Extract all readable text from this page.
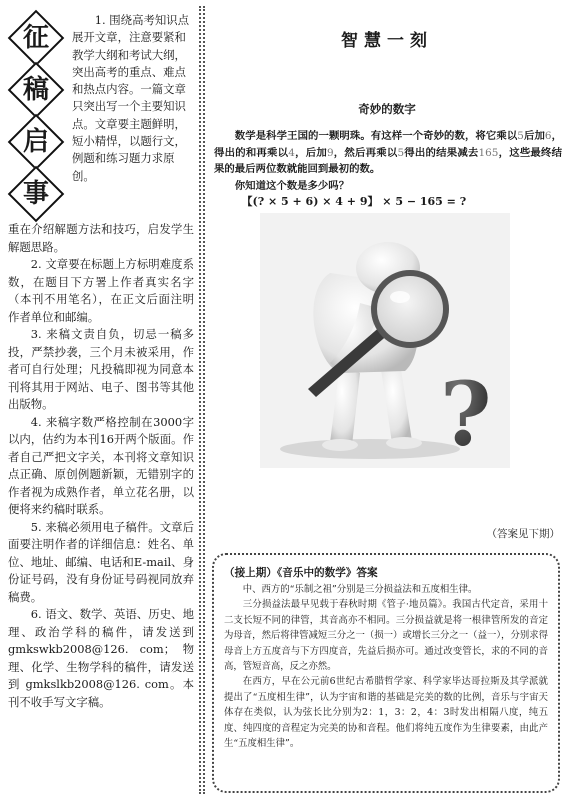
征
稿
启
事

1. 围绕高考知识点展开文章，注意要紧和教学大纲和考试大纲，突出高考的重点、难点和热点内容。一篇文章只突出写一个主要知识点。文章要主题鲜明，短小精悍，以题行文，例题和练习题力求原创。

重在介绍解题方法和技巧，启发学生解题思路。

2. 文章要在标题上方标明难度系数，在题目下方署上作者真实名字（本刊不用笔名），在正文后面注明作者单位和邮编。

3. 来稿文责自负，切忌一稿多投，严禁抄袭，三个月未被采用，作者可自行处理；凡投稿即视为同意本刊将其用于网站、电子、图书等其他出版物。

4. 来稿字数严格控制在3000字以内，估约为本刊16开两个版面。作者自己严把文字关，本刊将文章知识点正确、原创例题新颖，无错别字的作者视为成熟作者，单立花名册，以便将来约稿时联系。

5. 来稿必须用电子稿件。文章后面要注明作者的详细信息：姓名、单位、地址、邮编、电话和E-mail、身份证号码，没有身份证号码视同放弃稿费。

6. 语文、数学、英语、历史、地理、政治学科的稿件，请发送到 gmkswkb2008@126. com；物理、化学、生物学科的稿件，请发送到 gmkslkb2008@126. com。本刊不收手写文字稿。

智慧一刻
奇妙的数字

数学是科学王国的一颗明珠。有这样一个奇妙的数，将它乘以5后加6，得出的和再乘以4，后加9，然后再乘以5得出的结果减去165，这些最终结果的最后两位数就能回到最初的数。

你知道这个数是多少吗？

【(? × 5 + 6) × 4 + 9】 × 5 − 165 = ?

?
（答案见下期）
（接上期）《音乐中的数学》答案

中、西方的“乐制之祖”分别是三分损益法和五度相生律。

三分损益法最早见载于春秋时期《管子·地员篇》。我国古代定音，采用十二支长短不同的律管，其音高亦不相同。三分损益就是将一根律管所发的音定为母音，然后将律管减短三分之一（损一）或增长三分之一（益一），分别求得母音上方五度音与下方四度音，先益后损亦可。通过改变管长，求的不同的音高，管短音高，反之亦然。

在西方，早在公元前6世纪古希腊哲学家、科学家毕达哥拉斯及其学派就提出了“五度相生律”，认为宇宙和谐的基础是完美的数的比例，音乐与宇宙天体存在类似，认为弦长比分别为2：1，3：2，4：3时发出相隔八度，纯五度、纯四度的音程定为完美的协和音程。他们将纯五度作为生律要素，由此产生“五度相生律”。
